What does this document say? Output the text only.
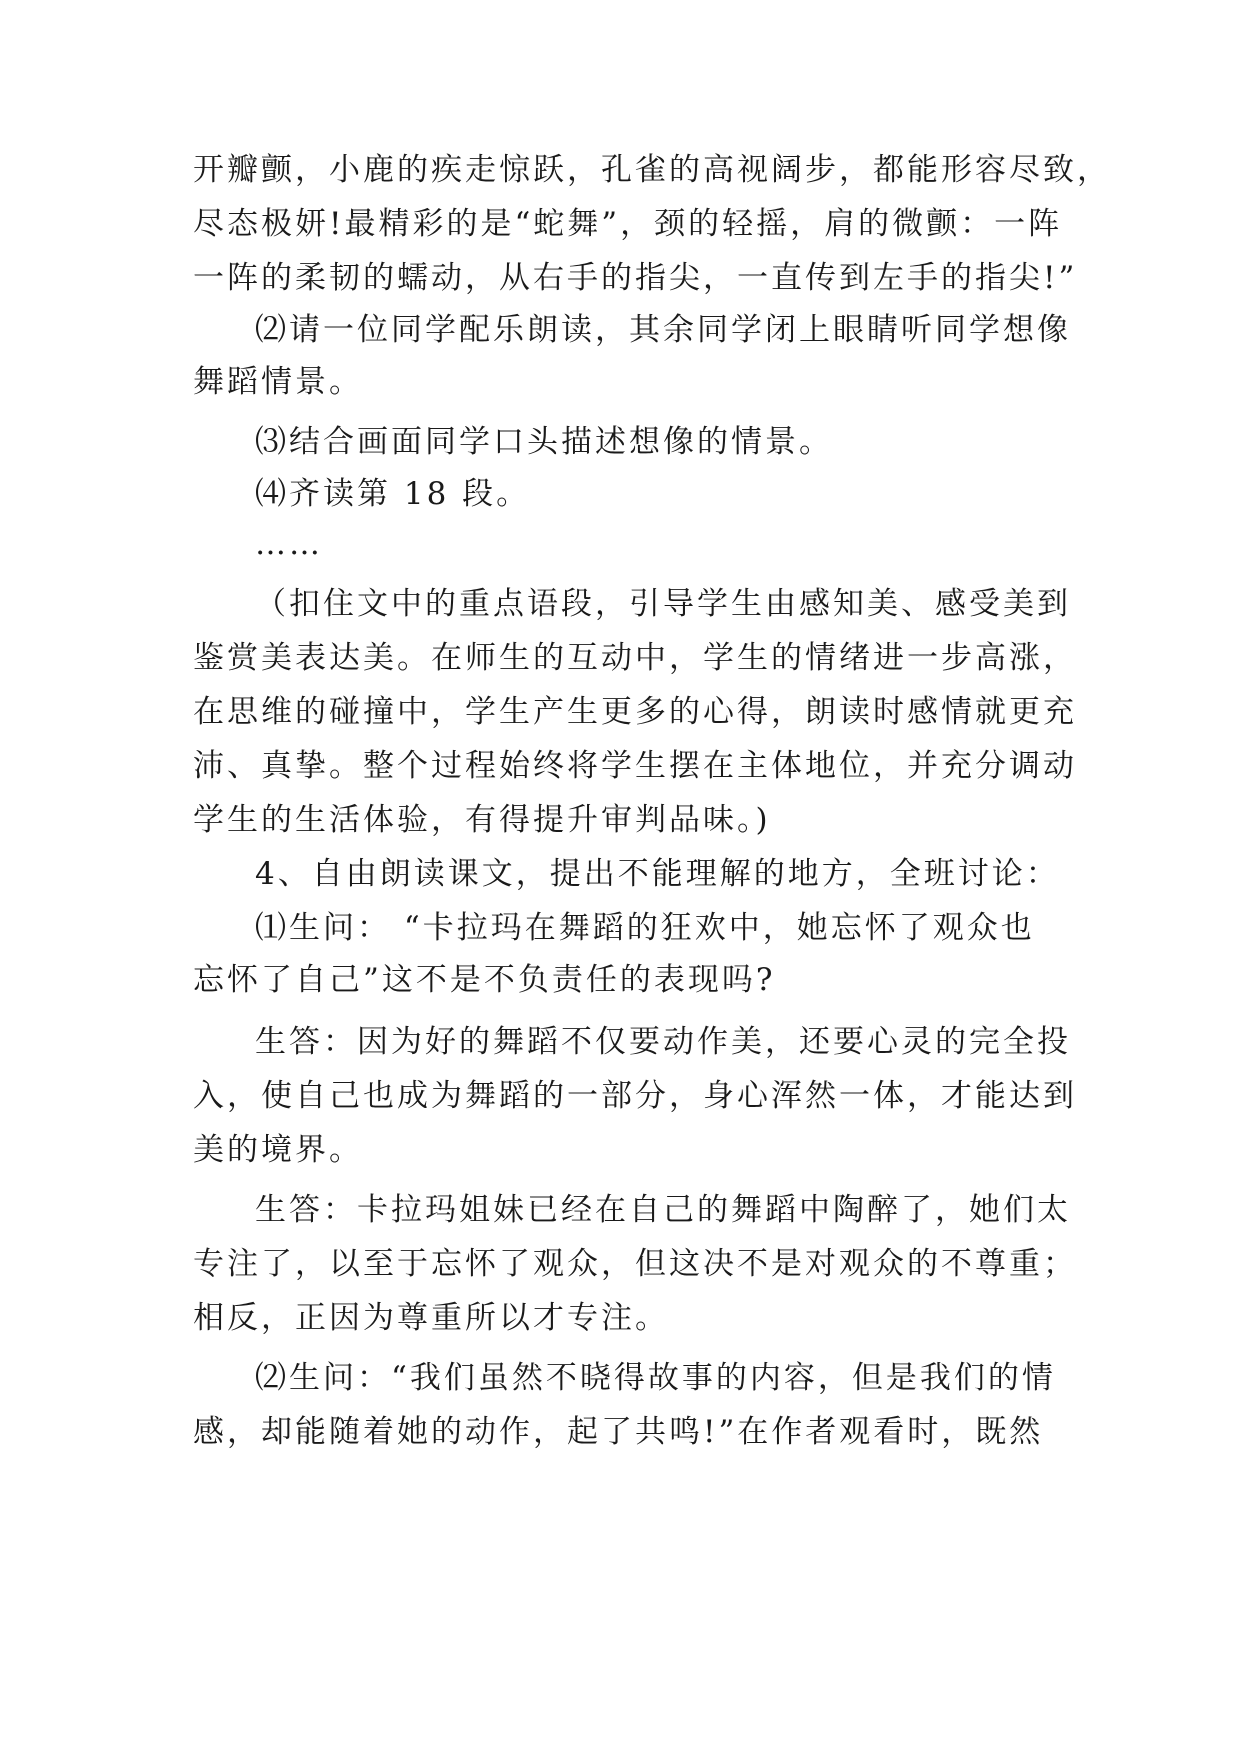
开瓣颤，小鹿的疾走惊跃，孔雀的高视阔步，都能形容尽致，
尽态极妍!最精彩的是“蛇舞”，颈的轻摇，肩的微颤：一阵
一阵的柔韧的蠕动，从右手的指尖，一直传到左手的指尖!”
⑵请一位同学配乐朗读，其余同学闭上眼睛听同学想像
舞蹈情景。
⑶结合画面同学口头描述想像的情景。
⑷齐读第 18 段。
……
（扣住文中的重点语段，引导学生由感知美、感受美到
鉴赏美表达美。在师生的互动中，学生的情绪进一步高涨，
在思维的碰撞中，学生产生更多的心得，朗读时感情就更充
沛、真挚。整个过程始终将学生摆在主体地位，并充分调动
学生的生活体验，有得提升审判品味。)
4、自由朗读课文，提出不能理解的地方，全班讨论：
⑴生问： “卡拉玛在舞蹈的狂欢中，她忘怀了观众也
忘怀了自己”这不是不负责任的表现吗?
生答：因为好的舞蹈不仅要动作美，还要心灵的完全投
入，使自己也成为舞蹈的一部分，身心浑然一体，才能达到
美的境界。
生答：卡拉玛姐妹已经在自己的舞蹈中陶醉了，她们太
专注了，以至于忘怀了观众，但这决不是对观众的不尊重；
相反，正因为尊重所以才专注。
⑵生问：“我们虽然不晓得故事的内容，但是我们的情
感，却能随着她的动作，起了共鸣!”在作者观看时，既然
